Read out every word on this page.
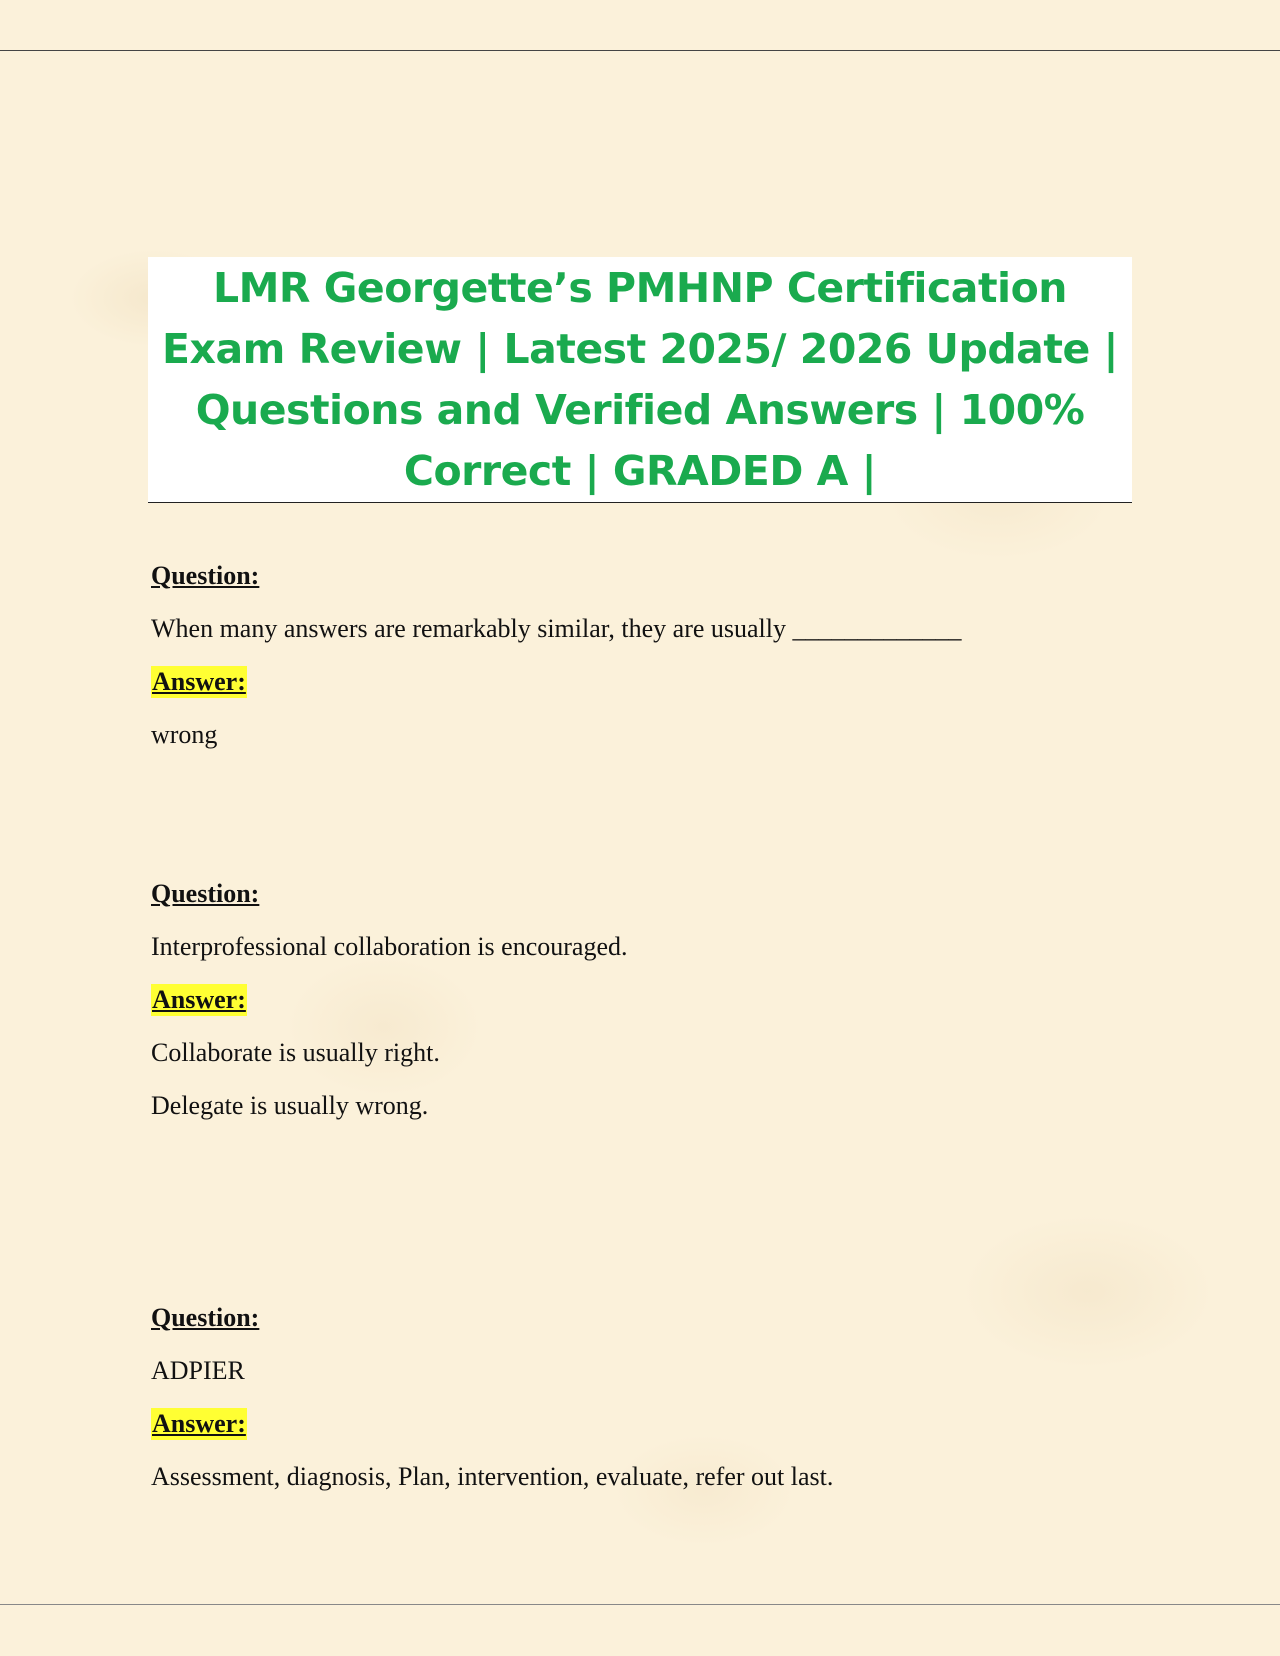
LMR Georgette’s PMHNP Certification Exam Review | Latest 2025/ 2026 Update | Questions and Verified Answers | 100% Correct | GRADED A |
Question:
When many answers are remarkably similar, they are usually _____________
Answer:
wrong
Question:
Interprofessional collaboration is encouraged.
Answer:
Collaborate is usually right.
Delegate is usually wrong.
Question:
ADPIER
Answer:
Assessment, diagnosis, Plan, intervention, evaluate, refer out last.
